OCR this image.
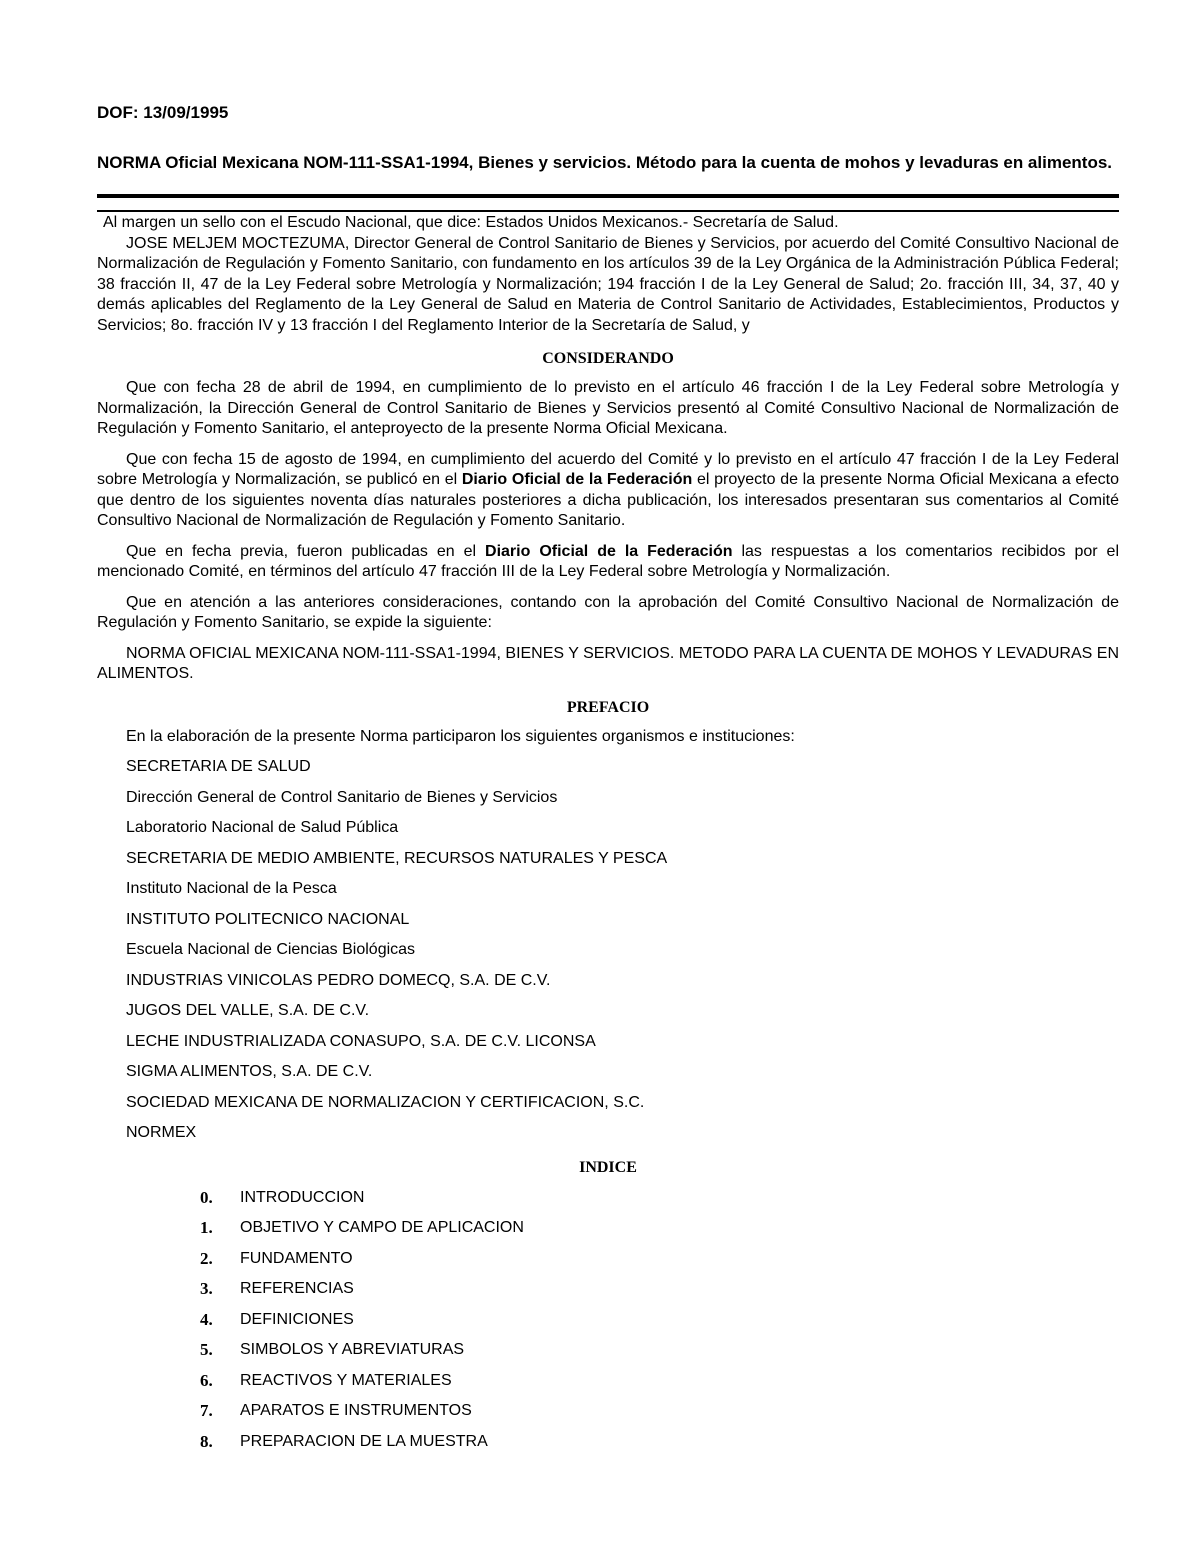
DOF: 13/09/1995
NORMA Oficial Mexicana NOM-111-SSA1-1994, Bienes y servicios. Método para la cuenta de mohos y levaduras en alimentos.

Al margen un sello con el Escudo Nacional, que dice: Estados Unidos Mexicanos.- Secretaría de Salud.

JOSE MELJEM MOCTEZUMA, Director General de Control Sanitario de Bienes y Servicios, por acuerdo del Comité Consultivo Nacional de Normalización de Regulación y Fomento Sanitario, con fundamento en los artículos 39 de la Ley Orgánica de la Administración Pública Federal; 38 fracción II, 47 de la Ley Federal sobre Metrología y Normalización; 194 fracción I de la Ley General de Salud; 2o. fracción III, 34, 37, 40 y demás aplicables del Reglamento de la Ley General de Salud en Materia de Control Sanitario de Actividades, Establecimientos, Productos y Servicios; 8o. fracción IV y 13 fracción I del Reglamento Interior de la Secretaría de Salud, y

CONSIDERANDO

Que con fecha 28 de abril de 1994, en cumplimiento de lo previsto en el artículo 46 fracción I de la Ley Federal sobre Metrología y Normalización, la Dirección General de Control Sanitario de Bienes y Servicios presentó al Comité Consultivo Nacional de Normalización de Regulación y Fomento Sanitario, el anteproyecto de la presente Norma Oficial Mexicana.

Que con fecha 15 de agosto de 1994, en cumplimiento del acuerdo del Comité y lo previsto en el artículo 47 fracción I de la Ley Federal sobre Metrología y Normalización, se publicó en el Diario Oficial de la Federación el proyecto de la presente Norma Oficial Mexicana a efecto que dentro de los siguientes noventa días naturales posteriores a dicha publicación, los interesados presentaran sus comentarios al Comité Consultivo Nacional de Normalización de Regulación y Fomento Sanitario.

Que en fecha previa, fueron publicadas en el Diario Oficial de la Federación las respuestas a los comentarios recibidos por el mencionado Comité, en términos del artículo 47 fracción III de la Ley Federal sobre Metrología y Normalización.

Que en atención a las anteriores consideraciones, contando con la aprobación del Comité Consultivo Nacional de Normalización de Regulación y Fomento Sanitario, se expide la siguiente:

NORMA OFICIAL MEXICANA NOM-111-SSA1-1994, BIENES Y SERVICIOS. METODO PARA LA CUENTA DE MOHOS Y LEVADURAS EN ALIMENTOS.

PREFACIO

En la elaboración de la presente Norma participaron los siguientes organismos e instituciones:

SECRETARIA DE SALUD
Dirección General de Control Sanitario de Bienes y Servicios
Laboratorio Nacional de Salud Pública
SECRETARIA DE MEDIO AMBIENTE, RECURSOS NATURALES Y PESCA
Instituto Nacional de la Pesca
INSTITUTO POLITECNICO NACIONAL
Escuela Nacional de Ciencias Biológicas
INDUSTRIAS VINICOLAS PEDRO DOMECQ, S.A. DE C.V.
JUGOS DEL VALLE, S.A. DE C.V.
LECHE INDUSTRIALIZADA CONASUPO, S.A. DE C.V. LICONSA
SIGMA ALIMENTOS, S.A. DE C.V.
SOCIEDAD MEXICANA DE NORMALIZACION Y CERTIFICACION, S.C.
NORMEX
INDICE
0.	INTRODUCCION
1.	OBJETIVO Y CAMPO DE APLICACION
2.	FUNDAMENTO
3.	REFERENCIAS
4.	DEFINICIONES
5.	SIMBOLOS Y ABREVIATURAS
6.	REACTIVOS Y MATERIALES
7.	APARATOS E INSTRUMENTOS
8.	PREPARACION DE LA MUESTRA
